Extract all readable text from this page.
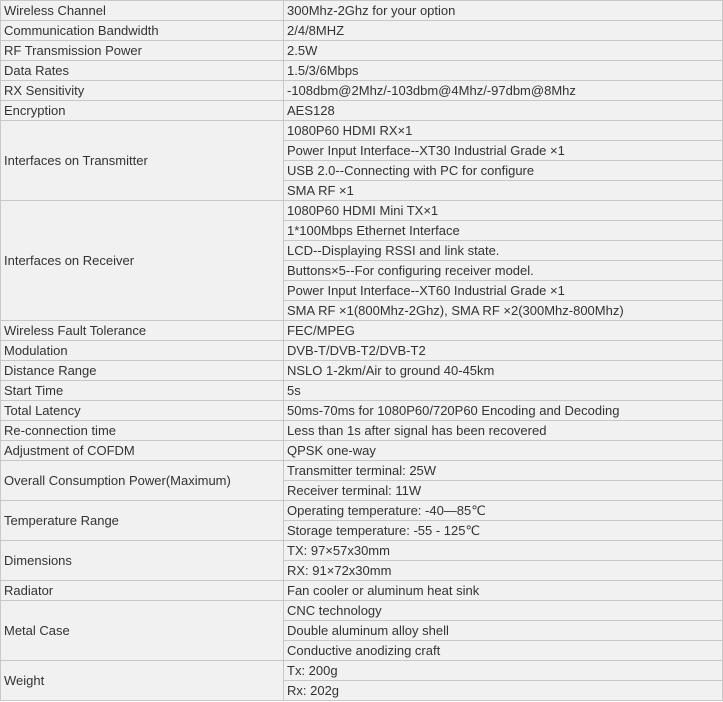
Wireless Channel	300Mhz-2Ghz for your option
Communication Bandwidth	2/4/8MHZ
RF Transmission Power	2.5W
Data Rates	1.5/3/6Mbps
RX Sensitivity	-108dbm@2Mhz/-103dbm@4Mhz/-97dbm@8Mhz
Encryption	AES128
Interfaces on Transmitter	1080P60 HDMI RX×1
	Power Input Interface--XT30 Industrial Grade ×1
	USB 2.0--Connecting with PC for configure
	SMA RF ×1
Interfaces on Receiver	1080P60 HDMI Mini TX×1
	1*100Mbps Ethernet Interface
	LCD--Displaying RSSI and link state.
	Buttons×5--For configuring receiver model.
	Power Input Interface--XT60 Industrial Grade ×1
	SMA RF ×1(800Mhz-2Ghz), SMA RF ×2(300Mhz-800Mhz)
Wireless Fault Tolerance	FEC/MPEG
Modulation	DVB-T/DVB-T2/DVB-T2
Distance Range	NSLO 1-2km/Air to ground 40-45km
Start Time	5s
Total Latency	50ms-70ms for 1080P60/720P60 Encoding and Decoding
Re-connection time	Less than 1s after signal has been recovered
Adjustment of COFDM	QPSK one-way
Overall Consumption Power(Maximum)	Transmitter terminal: 25W
	Receiver terminal: 11W
Temperature Range	Operating temperature: -40—85℃
	Storage temperature: -55 - 125℃
Dimensions	TX: 97×57x30mm
	RX: 91×72x30mm
Radiator	Fan cooler or aluminum heat sink
Metal Case	CNC technology
	Double aluminum alloy shell
	Conductive anodizing craft
Weight	Tx: 200g
	Rx: 202g
